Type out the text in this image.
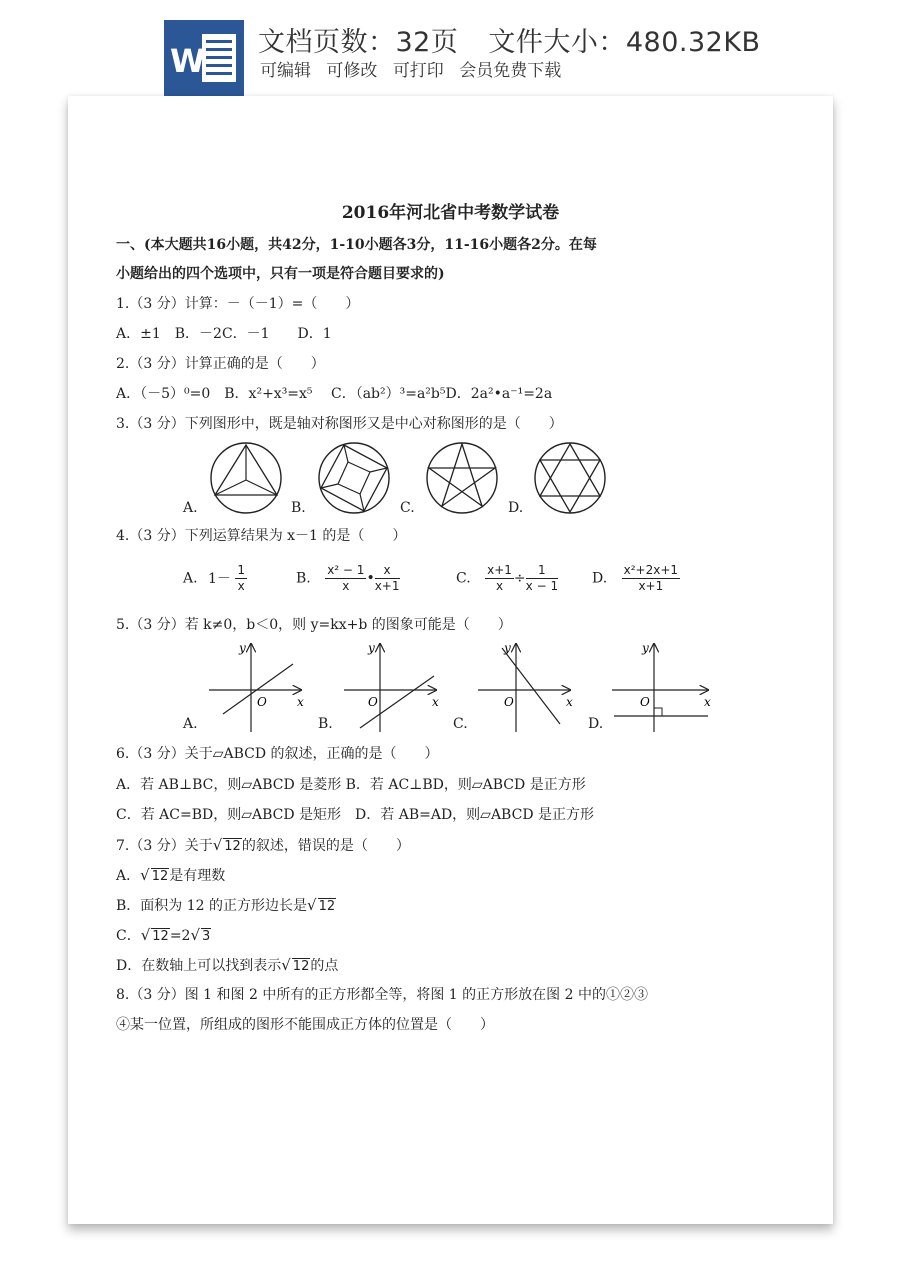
W 文档页数：32页 文件大小：480.32KB
可编辑 可修改 可打印 会员免费下载
2016年河北省中考数学试卷
一、(本大题共16小题，共42分，1-10小题各3分，11-16小题各2分。在每
小题给出的四个选项中，只有一项是符合题目要求的)
1.（3 分）计算：－（－1）=（　　）
A．±1　B．－2C．－1　　D．1
2.（3 分）计算正确的是（　　）
A．（－5）⁰=0　B．x²+x³=x⁵　 C．（ab²）³=a²b⁵D．2a²•a⁻¹=2a
3.（3 分）下列图形中，既是轴对称图形又是中心对称图形的是（　　）
A.	B.	C.	D.
4.（3 分）下列运算结果为 x－1 的是（　　）
A. $1- \frac{1}{x}$	B. $\frac{\text{x² − 1}}{x}$ • $\frac{x}{x+1}$	C. $\frac{x+1}{x} \div \frac{1}{x - 1} D$. $\frac{\text{x²+2x+1}}{x+1}$
5.（3 分）若 k≠0，b＜0，则 y=kx+b 的图象可能是（　　）
A.
y
x
O
B.
y
x
O
C.
y
x
O
D.
y
x
O
6.（3 分）关于▱ABCD 的叙述，正确的是（　　）
A．若 AB⊥BC，则▱ABCD 是菱形 B．若 AC⊥BD，则▱ABCD 是正方形
C．若 AC=BD，则▱ABCD 是矩形　D．若 AB=AD，则▱ABCD 是正方形
7.（3 分）关于√ 12的叙述，错误的是（　　）
A．√ 12是有理数
B．面积为 12 的正方形边长是√ 12
C．√ 12=2√ 3
D．在数轴上可以找到表示√ 12的点
8.（3 分）图 1 和图 2 中所有的正方形都全等，将图 1 的正方形放在图 2 中的①②③
④某一位置，所组成的图形不能围成正方体的位置是（　　）
